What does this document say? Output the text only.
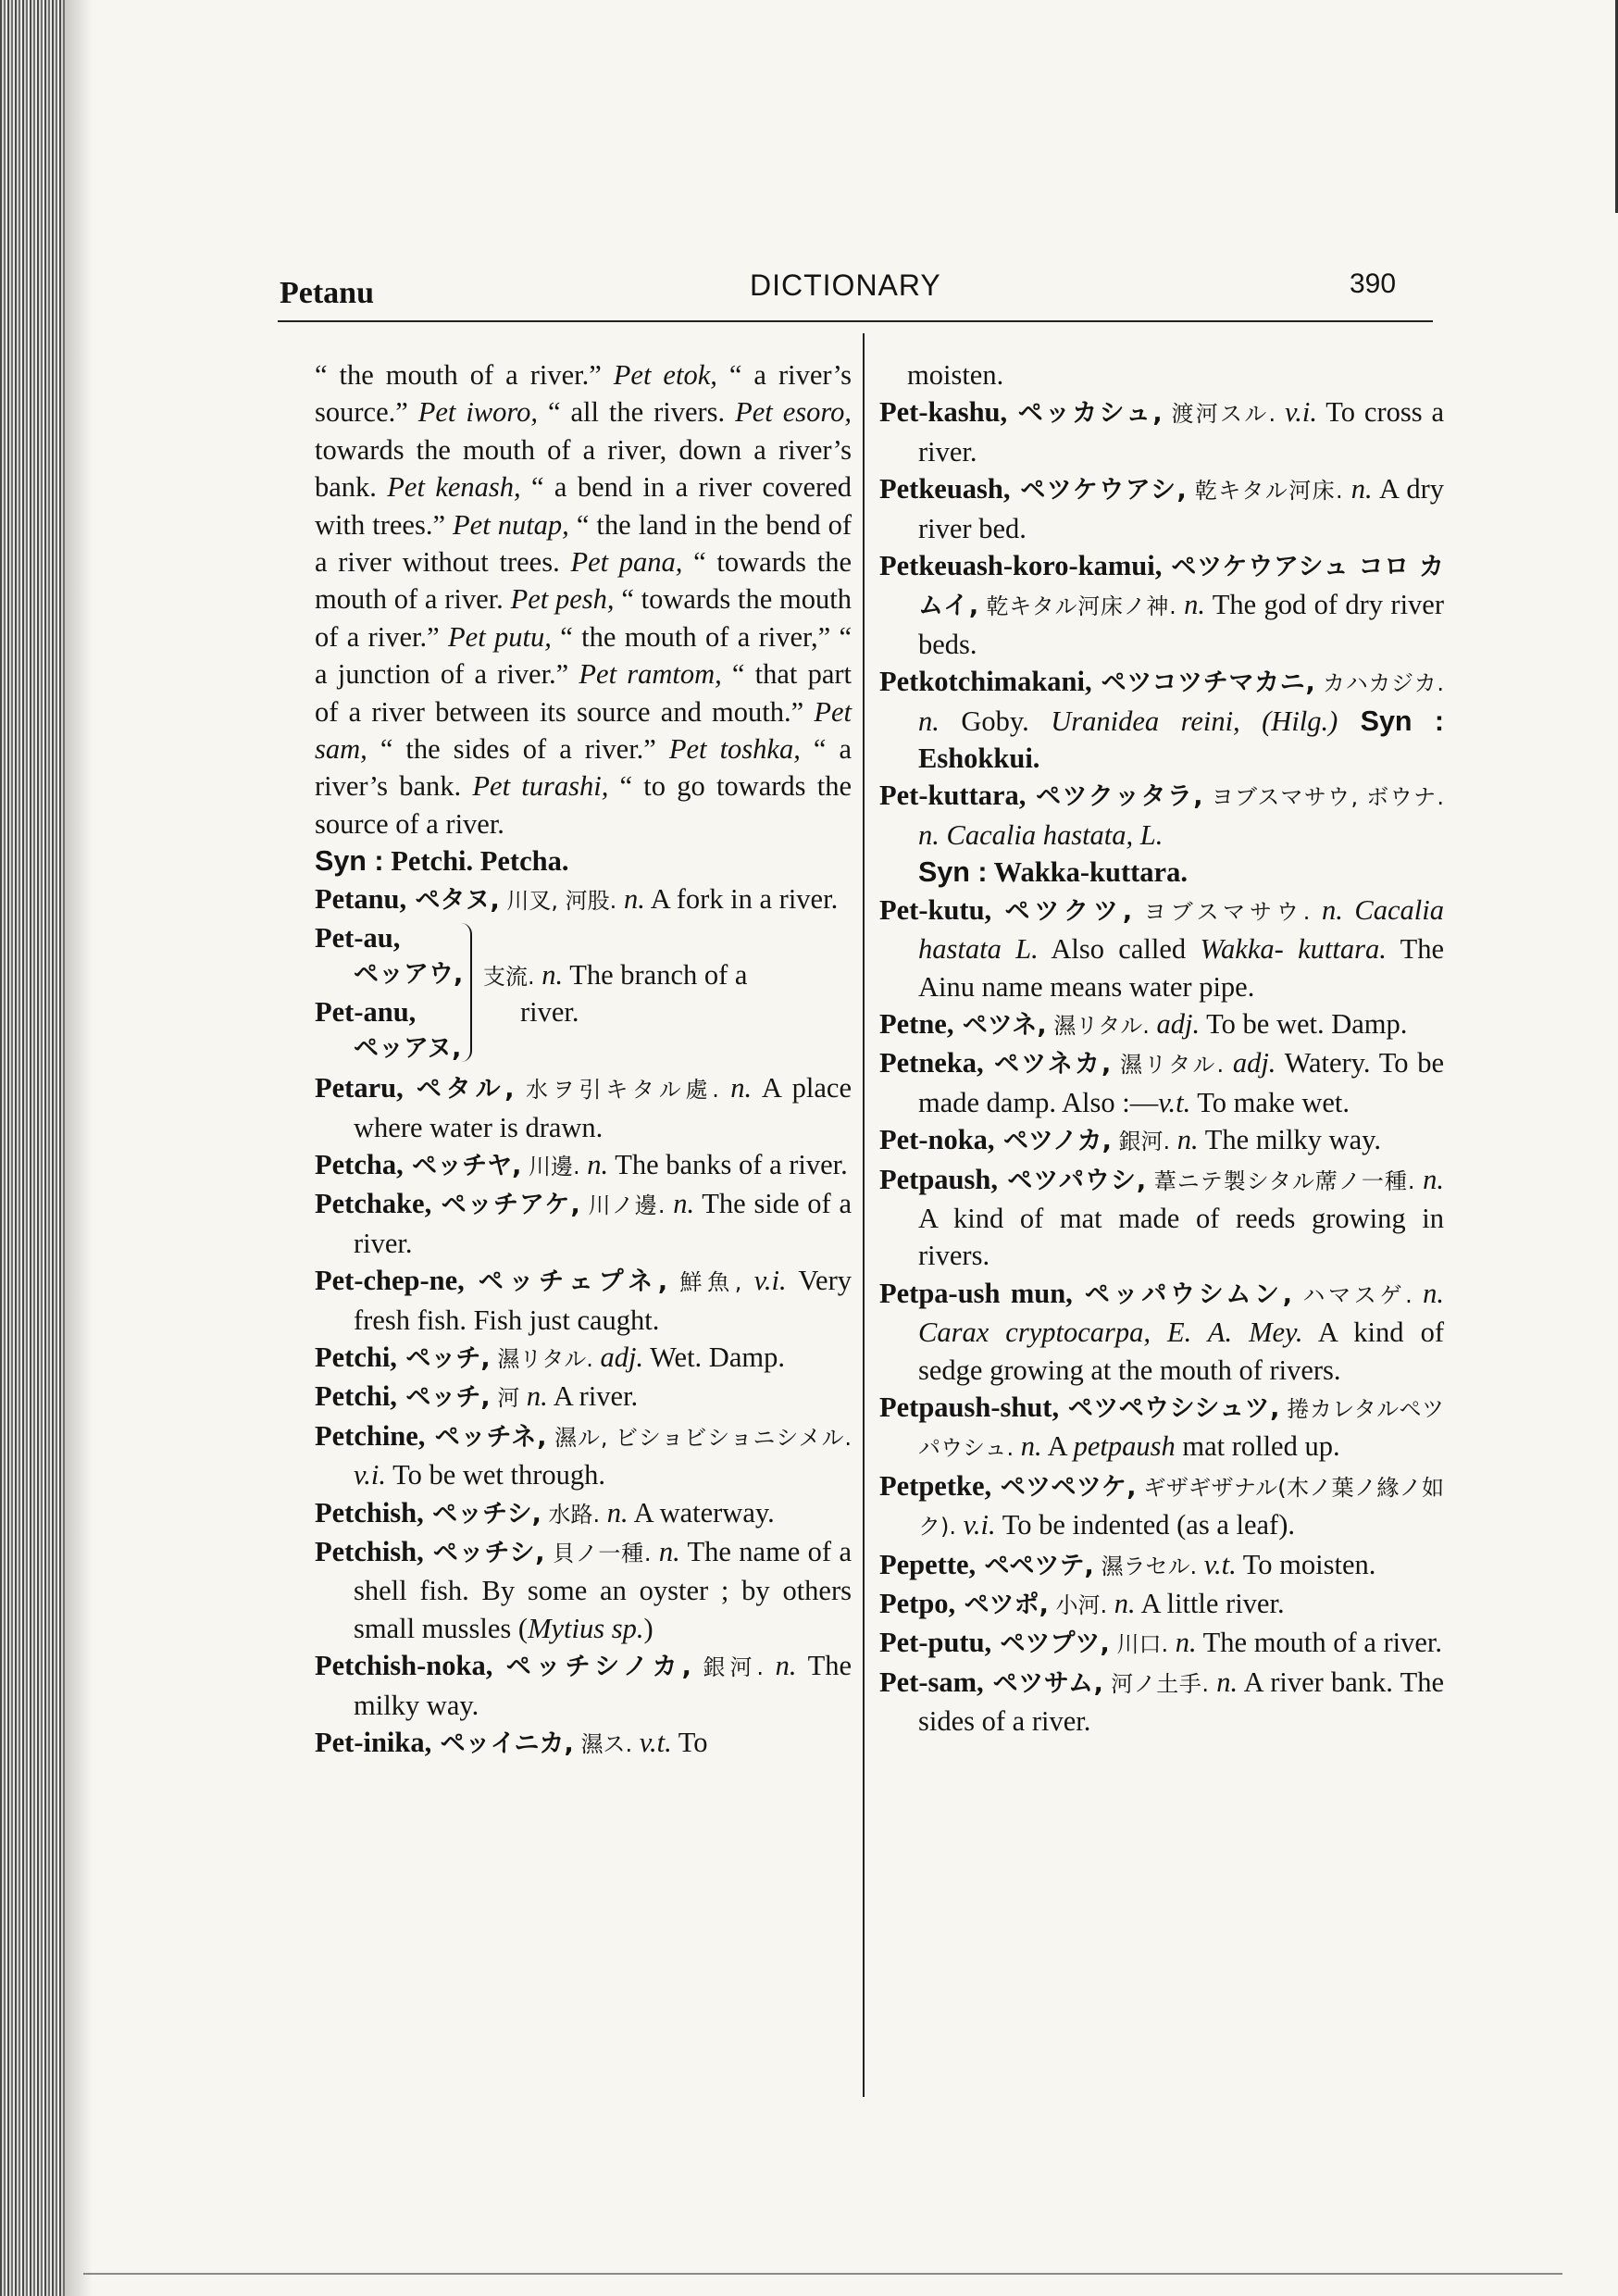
Petanu	DICTIONARY	390

“ the mouth of a river.” Pet etok, “ a river’s source.” Pet iworo, “ all the rivers. Pet esoro, towards the mouth of a river, down a river’s bank. Pet kenash, “ a bend in a river covered with trees.” Pet nutap, “ the land in the bend of a river without trees. Pet pana, “ towards the mouth of a river. Pet pesh, “ towards the mouth of a river.” Pet putu, “ the mouth of a river,” “ a junction of a river.” Pet ramtom, “ that part of a river between its source and mouth.” Pet sam, “ the sides of a river.” Pet toshka, “ a river’s bank. Pet turashi, “ to go towards the source of a river.

Syn : Petchi. Petcha.

Petanu, ペタヌ, 川叉, 河股. n. A fork in a river.

Pet-au,
ペッアウ,
Pet-anu,
ペッアヌ,
支流. n. The branch of a
river.

Petaru, ペタル, 水ヲ引キタル處. n. A place where water is drawn.

Petcha, ペッチヤ, 川邊. n. The banks of a river.

Petchake, ペッチアケ, 川ノ邊. n. The side of a river.

Pet-chep-ne, ペッチェプネ, 鮮魚, v.i. Very fresh fish. Fish just caught.

Petchi, ペッチ, 濕リタル. adj. Wet. Damp.

Petchi, ペッチ, 河 n. A river.

Petchine, ペッチネ, 濕ル, ビショビショニシメル. v.i. To be wet through.

Petchish, ペッチシ, 水路. n. A waterway.

Petchish, ペッチシ, 貝ノ一種. n. The name of a shell fish. By some an oyster ; by others small mussles (Mytius sp.)

Petchish-noka, ペッチシノカ, 銀河. n. The milky way.

Pet-inika, ペッイニカ, 濕ス. v.t. To

moisten.

Pet-kashu, ペッカシュ, 渡河スル. v.i. To cross a river.

Petkeuash, ペツケウアシ, 乾キタル河床. n. A dry river bed.

Petkeuash-koro-kamui, ペツケウアシュ コロ カムイ, 乾キタル河床ノ神. n. The god of dry river beds.

Petkotchimakani, ペツコツチマカニ, カハカジカ. n. Goby. Uranidea reini, (Hilg.) Syn : Eshokkui.

Pet-kuttara, ペツクッタラ, ヨブスマサウ, ボウナ. n. Cacalia hastata, L.
Syn : Wakka-kuttara.

Pet-kutu, ペツクツ, ヨブスマサウ. n. Cacalia hastata L. Also called Wakka- kuttara. The Ainu name means water pipe.

Petne, ペツネ, 濕リタル. adj. To be wet. Damp.

Petneka, ペツネカ, 濕リタル. adj. Watery. To be made damp. Also :—v.t. To make wet.

Pet-noka, ペツノカ, 銀河. n. The milky way.

Petpaush, ペツパウシ, 葦ニテ製シタル蓆ノ一種. n. A kind of mat made of reeds growing in rivers.

Petpa-ush mun, ペッパウシムン, ハマスゲ. n. Carax cryptocarpa, E. A. Mey. A kind of sedge growing at the mouth of rivers.

Petpaush-shut, ペツペウシシュツ, 捲カレタルペツパウシュ. n. A petpaush mat rolled up.

Petpetke, ペツペツケ, ギザギザナル(木ノ葉ノ緣ノ如ク). v.i. To be indented (as a leaf).

Pepette, ペペツテ, 濕ラセル. v.t. To moisten.

Petpo, ペツポ, 小河. n. A little river.

Pet-putu, ペツプツ, 川口. n. The mouth of a river.

Pet-sam, ペツサム, 河ノ土手. n. A river bank. The sides of a river.
